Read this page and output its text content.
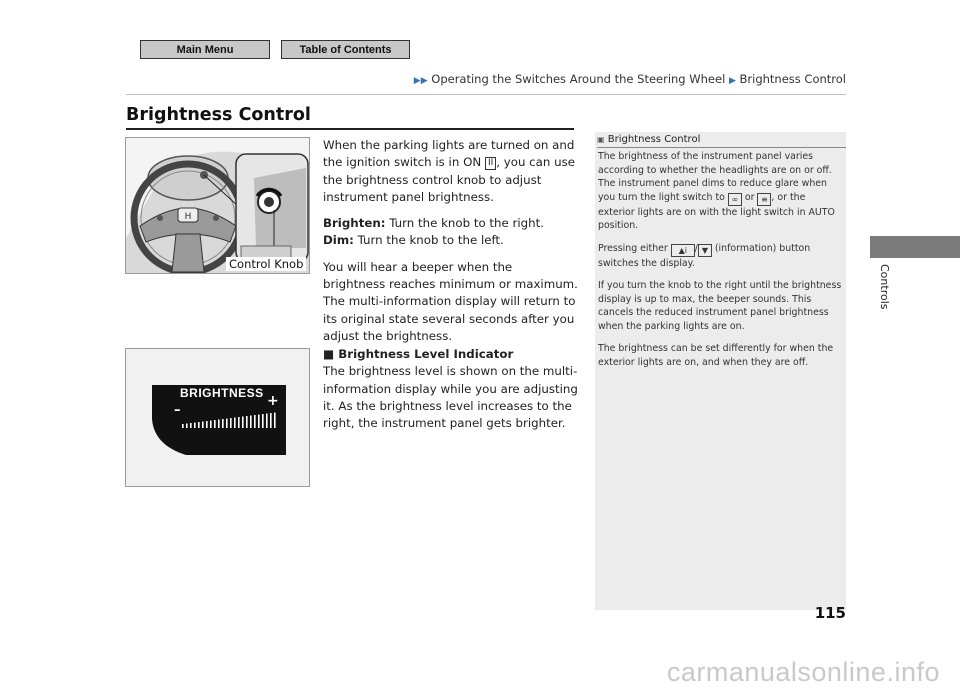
Main Menu	Table of Contents
▶▶ Operating the Switches Around the Steering Wheel ▶ Brightness Control
Brightness Control
H
Control Knob
BRIGHTNESS
–
+

When the parking lights are turned on and the ignition switch is in ON II , you can use the brightness control knob to adjust instrument panel brightness.

Brighten: Turn the knob to the right.

Dim: Turn the knob to the left.

You will hear a beeper when the brightness reaches minimum or maximum. The multi-information display will return to its original state several seconds after you adjust the brightness.

■ Brightness Level Indicator
The brightness level is shown on the multi-information display while you are adjusting it. As the brightness level increases to the right, the instrument panel gets brighter.
▣ Brightness Control

The brightness of the instrument panel varies according to whether the headlights are on or off. The instrument panel dims to reduce glare when you turn the light switch to ∞ or ≡ , or the exterior lights are on with the light switch in AUTO position.

Pressing either ▲i / ▼ (information) button switches the display.

If you turn the knob to the right until the brightness display is up to max, the beeper sounds. This cancels the reduced instrument panel brightness when the parking lights are on.

The brightness can be set differently for when the exterior lights are on, and when they are off.

Controls
115
carmanualsonline.info
